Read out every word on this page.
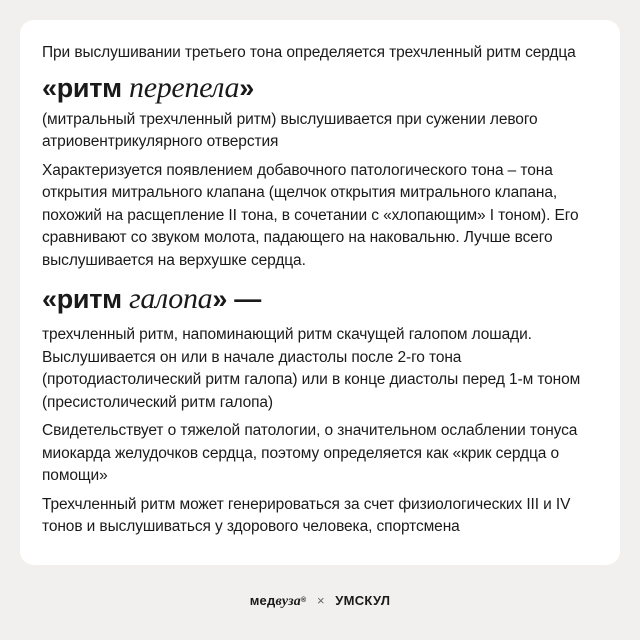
При выслушивании третьего тона определяется трехчленный ритм сердца

«ритм перепела»

(митральный трехчленный ритм) выслушивается при сужении левого атриовентрикулярного отверстия

Характеризуется появлением добавочного патологического тона – тона открытия митрального клапана (щелчок открытия митрального клапана, похожий на расщепление II тона, в сочетании с «хлопающим» I тоном). Его сравнивают со звуком молота, падающего на наковальню. Лучше всего выслушивается на верхушке сердца.

«ритм галопа» —

трехчленный ритм, напоминающий ритм скачущей галопом лошади. Выслушивается он или в начале диастолы после 2-го тона (протодиастолический ритм галопа) или в конце диастолы перед 1-м тоном (пресистолический ритм галопа)

Свидетельствует о тяжелой патологии, о значительном ослаблении тонуса миокарда желудочков сердца, поэтому определяется как «крик сердца о помощи»

Трехчленный ритм может генерироваться за счет физиологических III и IV тонов и выслушиваться у здорового человека, спортсмена

медвуза® × УМСКУЛ
